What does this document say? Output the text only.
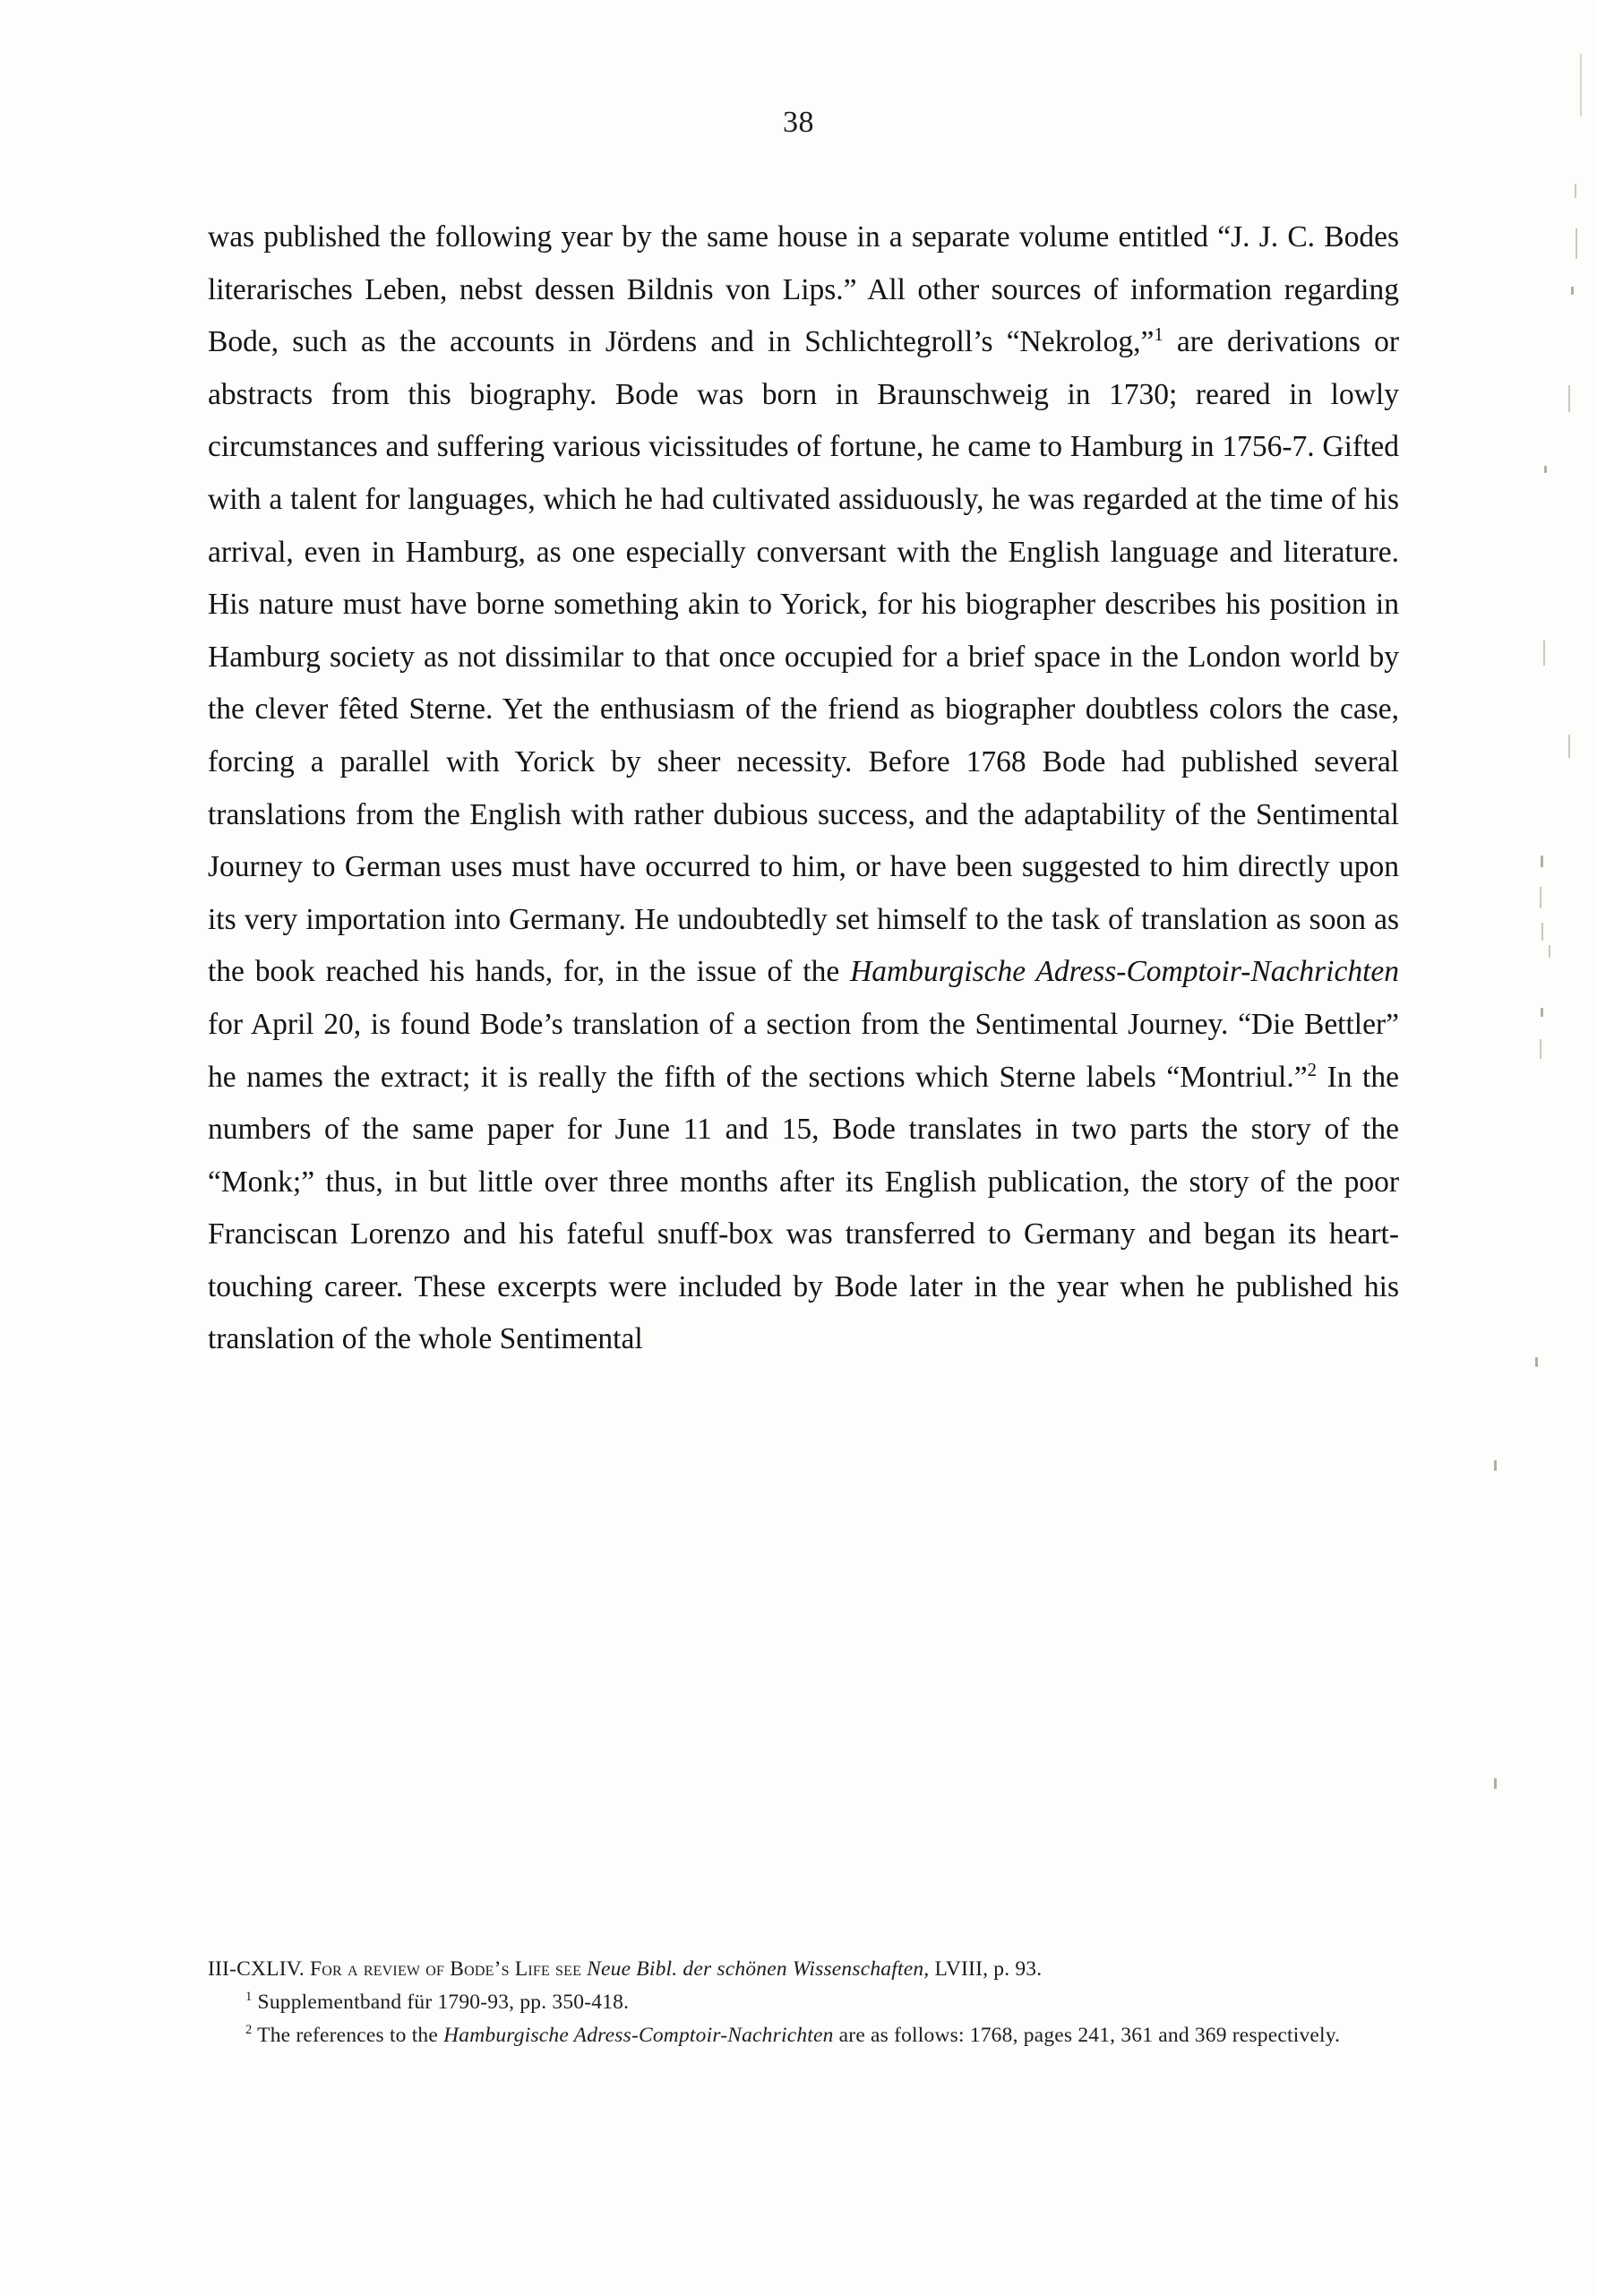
38

was published the following year by the same house in a separate volume entitled “J. J. C. Bodes literarisches Leben, nebst dessen Bildnis von Lips.” All other sources of information regarding Bode, such as the accounts in Jördens and in Schlichtegroll’s “Nekrolog,”$^1$ are derivations or abstracts from this biography. Bode was born in Braunschweig in 1730; reared in lowly circumstances and suffering various vicissitudes of fortune, he came to Hamburg in 1756-7. Gifted with a talent for languages, which he had cultivated assiduously, he was regarded at the time of his arrival, even in Hamburg, as one especially conversant with the English language and literature. His nature must have borne something akin to Yorick, for his biographer describes his position in Hamburg society as not dissimilar to that once occupied for a brief space in the London world by the clever fêted Sterne. Yet the enthusiasm of the friend as biographer doubtless colors the case, forcing a parallel with Yorick by sheer necessity. Before 1768 Bode had published several translations from the English with rather dubious success, and the adaptability of the Sentimental Journey to German uses must have occurred to him, or have been suggested to him directly upon its very importation into Germany. He undoubtedly set himself to the task of translation as soon as the book reached his hands, for, in the issue of the Hamburgische Adress-Comptoir-Nachrichten for April 20, is found Bode’s translation of a section from the Sentimental Journey. “Die Bettler” he names the extract; it is really the fifth of the sections which Sterne labels “Montriul.”$^2$ In the numbers of the same paper for June 11 and 15, Bode translates in two parts the story of the “Monk;” thus, in but little over three months after its English publication, the story of the poor Franciscan Lorenzo and his fateful snuff-box was transferred to Germany and began its heart-touching career. These excerpts were included by Bode later in the year when he published his translation of the whole Sentimental

III-CXLIV. For a review of Bode’s Life see Neue Bibl. der schönen Wissenschaften, LVIII, p. 93.

$^1$ Supplementband für 1790-93, pp. 350-418.

$^2$ The references to the Hamburgische Adress-Comptoir-Nachrichten are as follows: 1768, pages 241, 361 and 369 respectively.
